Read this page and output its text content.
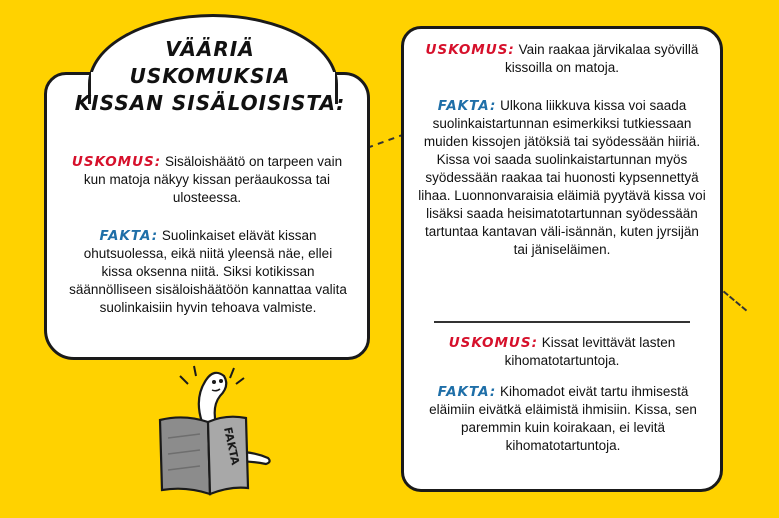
USKOMUS: Sisäloishäätö on tarpeen vain kun matoja näkyy kissan peräaukossa tai ulosteessa.
FAKTA: Suolinkaiset elävät kissan ohutsuolessa, eikä niitä yleensä näe, ellei kissa oksenna niitä. Siksi kotikissan säännölliseen sisäloishäätöön kannattaa valita suolinkaisiin hyvin tehoava valmiste.
VÄÄRIÄ
USKOMUKSIA
KISSAN SISÄLOISISTA:
USKOMUS: Vain raakaa järvikalaa syövillä kissoilla on matoja.
FAKTA: Ulkona liikkuva kissa voi saada suolinkaistartunnan esimerkiksi tutkiessaan muiden kissojen jätöksiä tai syödessään hiiriä. Kissa voi saada suolinkaistartunnan myös syödessään raakaa tai huonosti kypsennettyä lihaa. Luonnonvaraisia eläimiä pyytävä kissa voi lisäksi saada heisimatotartunnan syödessään tartuntaa kantavan väli-isännän, kuten jyrsijän tai jäniseläimen.
USKOMUS: Kissat levittävät lasten kihomatotartuntoja.
FAKTA: Kihomadot eivät tartu ihmisestä eläimiin eivätkä eläimistä ihmisiin. Kissa, sen paremmin kuin koirakaan, ei levitä kihomatotartuntoja.
FAKTA
